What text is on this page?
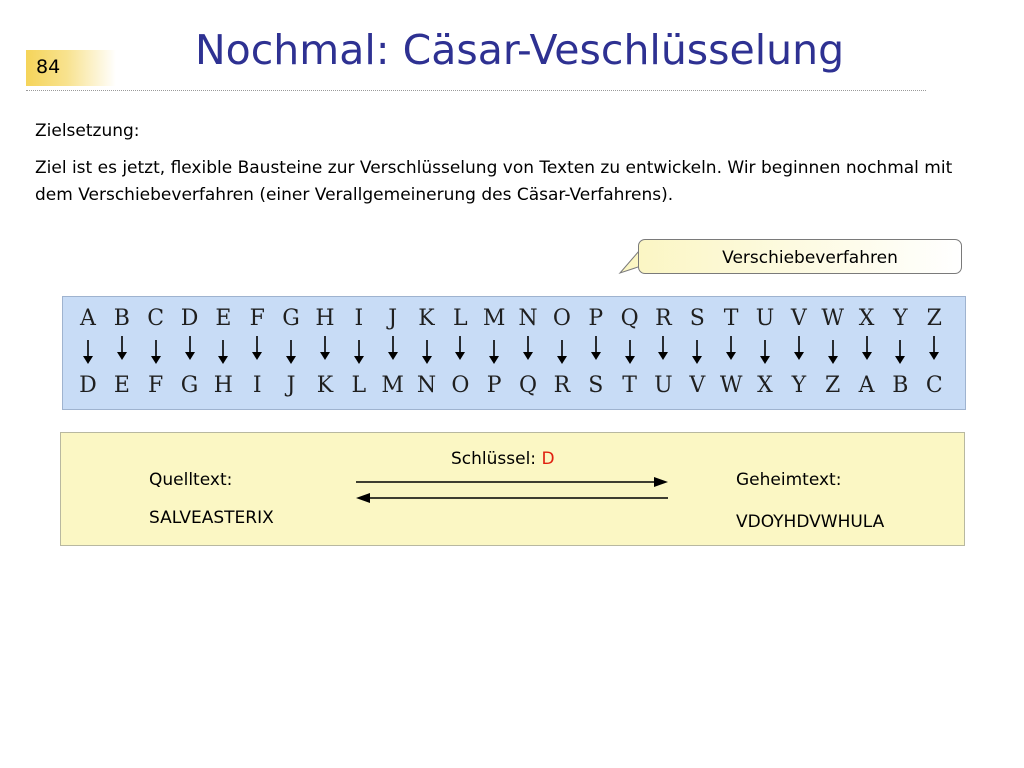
84	Nochmal: Cäsar-Veschlüsselung
Zielsetzung:
Ziel ist es jetzt, flexible Bausteine zur Verschlüsselung von Texten zu entwickeln. Wir beginnen nochmal mit dem Verschiebeverfahren (einer Verallgemeinerung des Cäsar-Verfahrens).
Verschiebeverfahren
A B C D E F G H I	J K L M N O P Q R S T U V W X Y Z
D E F G H I	J K L M N O P Q R S T U V W X Y Z A B C
Schlüssel: D
Quelltext:
SALVEASTERIX
Geheimtext:
VDOYHDVWHULA
